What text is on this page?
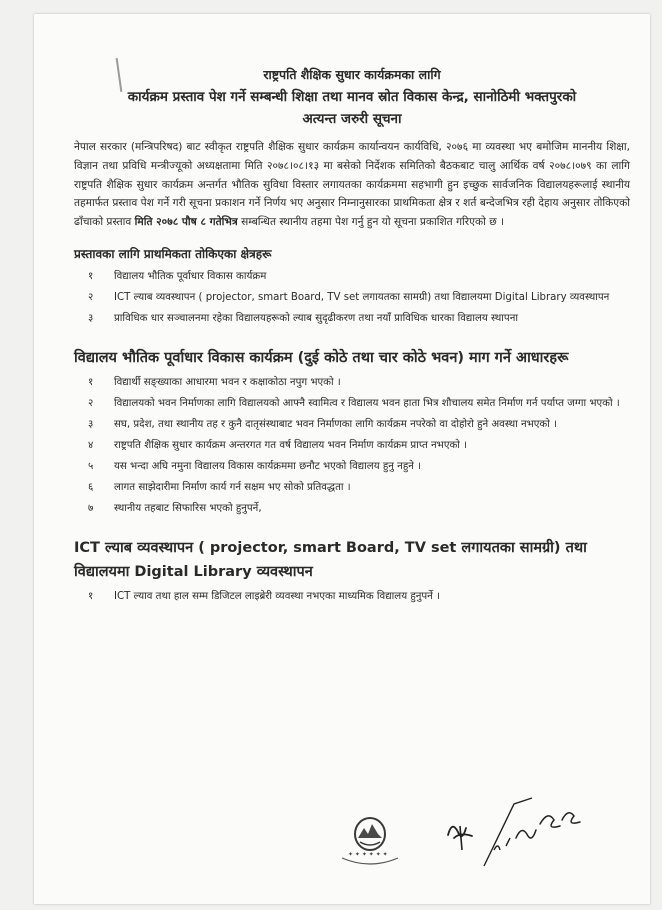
राष्ट्रपति शैक्षिक सुधार कार्यक्रमका लागि

कार्यक्रम प्रस्ताव पेश गर्ने सम्बन्धी शिक्षा तथा मानव स्रोत विकास केन्द्र, सानोठिमी भक्तपुरको

अत्यन्त जरुरी सूचना

नेपाल सरकार (मन्त्रिपरिषद) बाट स्वीकृत राष्ट्रपति शैक्षिक सुधार कार्यक्रम कार्यान्वयन कार्यविधि, २०७६ मा व्यवस्था भए बमोजिम माननीय शिक्षा, विज्ञान तथा प्रविधि मन्त्रीज्यूको अध्यक्षतामा मिति २०७८।०८।१३ मा बसेको निर्देशक समितिको बैठकबाट चालु आर्थिक वर्ष २०७८।०७९ का लागि राष्ट्रपति शैक्षिक सुधार कार्यक्रम अन्तर्गत भौतिक सुविधा विस्तार लगायतका कार्यक्रममा सहभागी हुन इच्छुक सार्वजनिक विद्यालयहरूलाई स्थानीय तहमार्फत प्रस्ताव पेश गर्ने गरी सूचना प्रकाशन गर्ने निर्णय भए अनुसार निम्नानुसारका प्राथमिकता क्षेत्र र शर्त बन्देजभित्र रही देहाय अनुसार तोकिएको ढाँचाको प्रस्ताव मिति २०७८ पौष ८ गतेभित्र सम्बन्धित स्थानीय तहमा पेश गर्नु हुन यो सूचना प्रकाशित गरिएको छ ।

प्रस्तावका लागि प्राथमिकता तोकिएका क्षेत्रहरू
१	विद्यालय भौतिक पूर्वाधार विकास कार्यक्रम
२	ICT ल्याब व्यवस्थापन ( projector, smart Board, TV set लगायतका सामग्री) तथा विद्यालयमा Digital Library व्यवस्थापन
३	प्राविधिक धार सञ्चालनमा रहेका विद्यालयहरूको ल्याब सुदृढीकरण तथा नयाँ प्राविधिक धारका विद्यालय स्थापना
विद्यालय भौतिक पूर्वाधार विकास कार्यक्रम (दुई कोठे तथा चार कोठे भवन) माग गर्ने आधारहरू
१	विद्यार्थी सङ्ख्याका आधारमा भवन र कक्षाकोठा नपुग भएको ।
२	विद्यालयको भवन निर्माणका लागि विद्यालयको आफ्नै स्वामित्व र विद्यालय भवन हाता भित्र शौचालय समेत निर्माण गर्न पर्याप्त जग्गा भएको ।
३	सघ, प्रदेश, तथा स्थानीय तह र कुनै दातृसंस्थाबाट भवन निर्माणका लागि कार्यक्रम नपरेको वा दोहोरो हुने अवस्था नभएको ।
४	राष्ट्रपति शैक्षिक सुधार कार्यक्रम अन्तरगत गत वर्ष विद्यालय भवन निर्माण कार्यक्रम प्राप्त नभएको ।
५	यस भन्दा अघि नमुना विद्यालय विकास कार्यक्रममा छनौट भएको विद्यालय हुनु नहुने ।
६	लागत साझेदारीमा निर्माण कार्य गर्न सक्षम भए सोको प्रतिवद्धता ।
७	स्थानीय तहबाट सिफारिस भएको हुनुपर्ने,
ICT ल्याब व्यवस्थापन ( projector, smart Board, TV set लगायतका सामग्री) तथा विद्यालयमा Digital Library व्यवस्थापन
१	ICT ल्याव तथा हाल सम्म डिजिटल लाइब्रेरी व्यवस्था नभएका माध्यमिक विद्यालय हुनुपर्ने ।
✦ ✦ ✦ ✦ ✦ ✦
